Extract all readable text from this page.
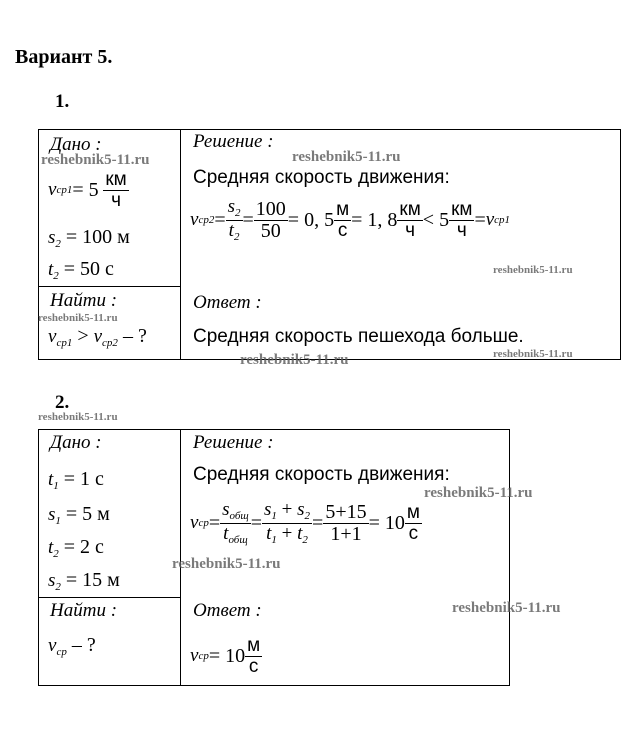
Вариант 5.
1.
Дано :
v ср1 = 5
$\frac{км}{ч}$
$s_2 = 100$ м
$t_2 = 50$ с
Найти :
$v_{ср1} > v_{ср2}$ – ?
Решение :
Средняя скорость движения:
v $ср2 = \frac{s_2}{t_2} = \frac{100}{50} = 0$, $5 \frac{м}{с} = 1$, $8 \frac{км}{ч} < 5 \frac{км}{ч} = v$ ср1
Ответ :
Средняя скорость пешехода больше.
2.
Дано :
$t_1 = 1$ с
$s_1 = 5$ м
$t_2 = 2$ с
$s_2 = 15$ м
Найти :
$v_{ср}$ – ?
Решение :
Средняя скорость движения:
v ср = $\frac{s_{общ}}{t_{общ}} = \frac{s_1 + s_2}{t_1 + t_2} = \frac{5+15}{1+1} = 10 \frac{м}{с}$
Ответ :
v ср = $10 \frac{м}{с}$
reshebnik5-11.ru	reshebnik5-11.ru
reshebnik5-11.ru
reshebnik5-11.ru
reshebnik5-11.ru
reshebnik5-11.ru
reshebnik5-11.ru
reshebnik5-11.ru
reshebnik5-11.ru
reshebnik5-11.ru
